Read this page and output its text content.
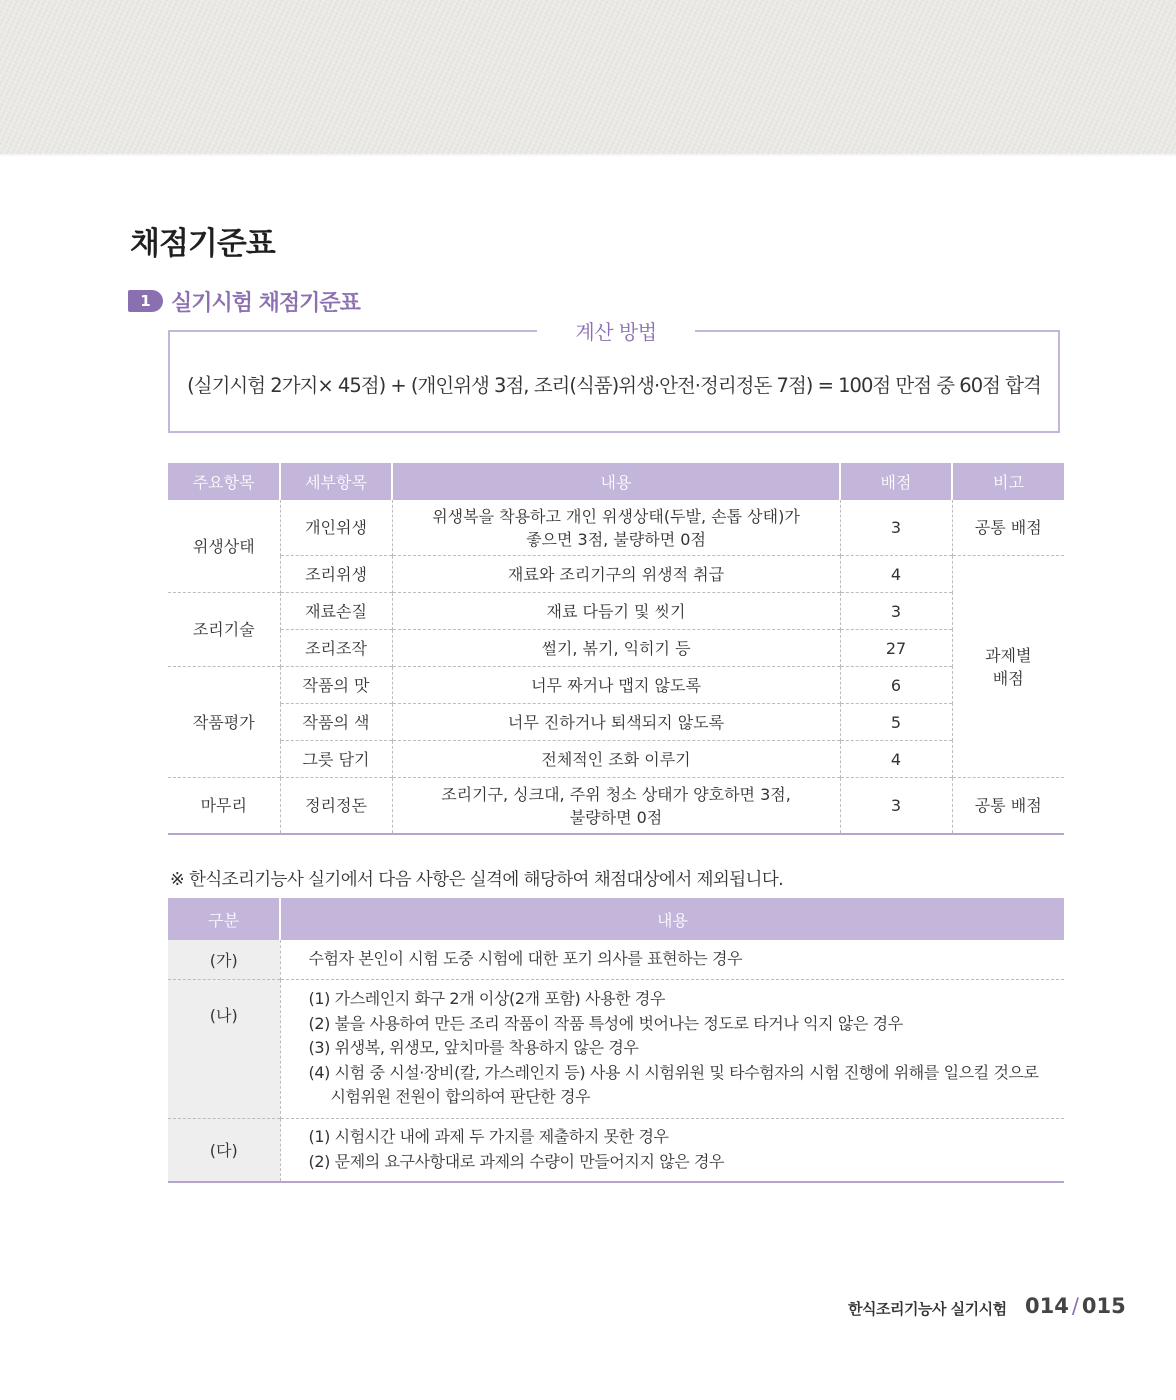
채점기준표
1 실기시험 채점기준표
(실기시험 2가지× 45점) + (개인위생 3점, 조리(식품)위생·안전·정리정돈 7점) = 100점 만점 중 60점 합격
계산 방법
주요항목	세부항목	내용	배점	비고
위생상태	개인위생	위생복을 착용하고 개인 위생상태(두발, 손톱 상태)가
좋으면 3점, 불량하면 0점	3	공통 배점
	조리위생	재료와 조리기구의 위생적 취급	4	과제별
배점

조리기술	재료손질	재료 다듬기 및 씻기	3	
	조리조작	썰기, 볶기, 익히기 등	27	
작품평가	작품의 맛	너무 짜거나 맵지 않도록	6	
	작품의 색	너무 진하거나 퇴색되지 않도록	5	
	그릇 담기	전체적인 조화 이루기	4	
마무리	정리정돈	조리기구, 싱크대, 주위 청소 상태가 양호하면 3점,
불량하면 0점	3	공통 배점

※ 한식조리기능사 실기에서 다음 사항은 실격에 해당하여 채점대상에서 제외됩니다.

구분	내용
(가)	수험자 본인이 시험 도중 시험에 대한 포기 의사를 표현하는 경우

(나)	(1) 가스레인지 화구 2개 이상(2개 포함) 사용한 경우
(2) 불을 사용하여 만든 조리 작품이 작품 특성에 벗어나는 정도로 타거나 익지 않은 경우
(3) 위생복, 위생모, 앞치마를 착용하지 않은 경우
(4) 시험 중 시설·장비(칼, 가스레인지 등) 사용 시 시험위원 및 타수험자의 시험 진행에 위해를 일으킬 것으로
시험위원 전원이 합의하여 판단한 경우

(다)	(1) 시험시간 내에 과제 두 가지를 제출하지 못한 경우
(2) 문제의 요구사항대로 과제의 수량이 만들어지지 않은 경우
한식조리기능사 실기시험 014 / 015
